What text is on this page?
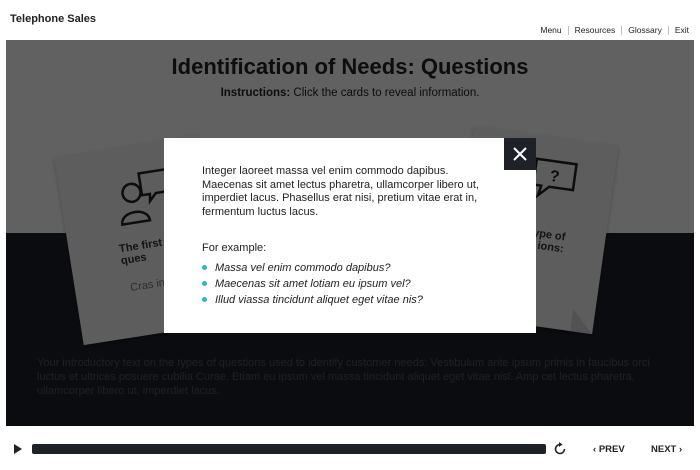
Telephone Sales
Menu Resources Glossary Exit
Integer laoreet massa vel enim commodo dapibus. Maecenas sit amet lectus pharetra, ullamcorper libero ut, imperdiet lacus. Phasellus erat nisi, pretium vitae erat in, fermentum luctus lacus.
For example:
Massa vel enim commodo dapibus?
Maecenas sit amet lotiam eu ipsum vel?
Illud viassa tincidunt aliquet eget vitae nis?
‹ PREV	NEXT ›
